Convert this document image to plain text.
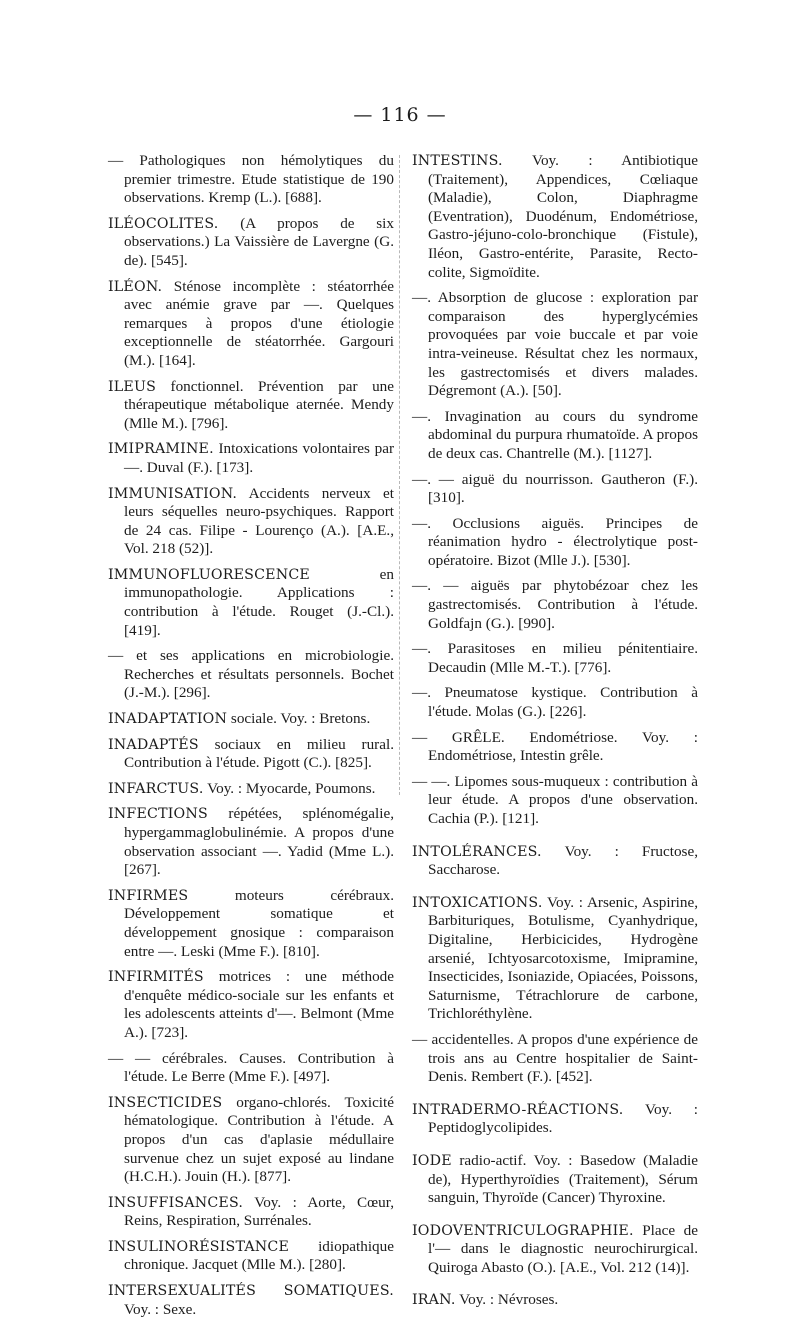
— 116 —

— Pathologiques non hémolytiques du premier trimestre. Etude statistique de 190 observations. Kremp (L.). [688].

ILÉOCOLITES. (A propos de six observations.) La Vaissière de Lavergne (G. de). [545].

ILÉON. Sténose incomplète : stéatorrhée avec anémie grave par —. Quelques remarques à propos d'une étiologie exceptionnelle de stéatorrhée. Gargouri (M.). [164].

ILEUS fonctionnel. Prévention par une thérapeutique métabolique aternée. Mendy (Mlle M.). [796].

IMIPRAMINE. Intoxications volontaires par —. Duval (F.). [173].

IMMUNISATION. Accidents nerveux et leurs séquelles neuro-psychiques. Rapport de 24 cas. Filipe - Lourenço (A.). [A.E., Vol. 218 (52)].

IMMUNOFLUORESCENCE	en immunopathologie. Applications : contribution à l'étude. Rouget (J.-Cl.). [419].

— et ses applications en microbiologie. Recherches et résultats personnels. Bochet (J.-M.). [296].

INADAPTATION sociale. Voy. : Bretons.

INADAPTÉS sociaux en milieu rural. Contribution à l'étude. Pigott (C.). [825].

INFARCTUS. Voy. : Myocarde, Poumons.

INFECTIONS répétées, splénomégalie, hypergammaglobulinémie. A propos d'une observation associant —. Yadid (Mme L.). [267].

INFIRMES	moteurs cérébraux. Développement somatique et développement gnosique : comparaison entre —. Leski (Mme F.). [810].

INFIRMITÉS motrices : une méthode d'enquête médico-sociale sur les enfants et les adolescents atteints d'—. Belmont (Mme A.). [723].

— — cérébrales. Causes. Contribution à l'étude. Le Berre (Mme F.). [497].

INSECTICIDES organo-chlorés. Toxicité hématologique. Contribution à l'étude. A propos d'un cas d'aplasie médullaire survenue chez un sujet exposé au lindane (H.C.H.). Jouin (H.). [877].

INSUFFISANCES. Voy. : Aorte, Cœur, Reins, Respiration, Surrénales.

INSULINORÉSISTANCE idiopathique chronique. Jacquet (Mlle M.). [280].

INTERSEXUALITÉS SOMATIQUES. Voy. : Sexe.

INTESTINS. Voy. : Antibiotique (Traitement), Appendices, Cœliaque (Maladie), Colon, Diaphragme (Eventration), Duodénum, Endométriose, Gastro-jéjuno-colo-bronchique (Fistule), Iléon, Gastro-entérite, Parasite, Recto-colite, Sigmoïdite.

—. Absorption de glucose : exploration par comparaison des hyperglycémies provoquées par voie buccale et par voie intra-veineuse. Résultat chez les normaux, les gastrectomisés et divers malades. Dégremont (A.). [50].

—. Invagination au cours du syndrome abdominal du purpura rhumatoïde. A propos de deux cas. Chantrelle (M.). [1127].

—. — aiguë du nourrisson. Gautheron (F.). [310].

—. Occlusions aiguës. Principes de réanimation hydro - électrolytique post-opératoire. Bizot (Mlle J.). [530].

—. — aiguës par phytobézoar chez les gastrectomisés. Contribution à l'étude. Goldfajn (G.). [990].

—. Parasitoses en milieu pénitentiaire. Decaudin (Mlle M.-T.). [776].

—. Pneumatose kystique. Contribution à l'étude. Molas (G.). [226].

— GRÊLE. Endométriose. Voy. : Endométriose, Intestin grêle.

— —. Lipomes sous-muqueux : contribution à leur étude. A propos d'une observation. Cachia (P.). [121].

INTOLÉRANCES. Voy. : Fructose, Saccharose.

INTOXICATIONS. Voy. : Arsenic, Aspirine, Barbituriques, Botulisme, Cyanhydrique, Digitaline, Herbicicides, Hydrogène arsenié, Ichtyosarcotoxisme, Imipramine, Insecticides, Isoniazide, Opiacées, Poissons, Saturnisme, Tétrachlorure de carbone, Trichloréthylène.

— accidentelles. A propos d'une expérience de trois ans au Centre hospitalier de Saint-Denis. Rembert (F.). [452].

INTRADERMO-RÉACTIONS. Voy. : Peptidoglycolipides.

IODE radio-actif. Voy. : Basedow (Maladie de), Hyperthyroïdies (Traitement), Sérum sanguin, Thyroïde (Cancer) Thyroxine.

IODOVENTRICULOGRAPHIE. Place de l'— dans le diagnostic neurochirurgical. Quiroga Abasto (O.). [A.E., Vol. 212 (14)].

IRAN. Voy. : Névroses.
